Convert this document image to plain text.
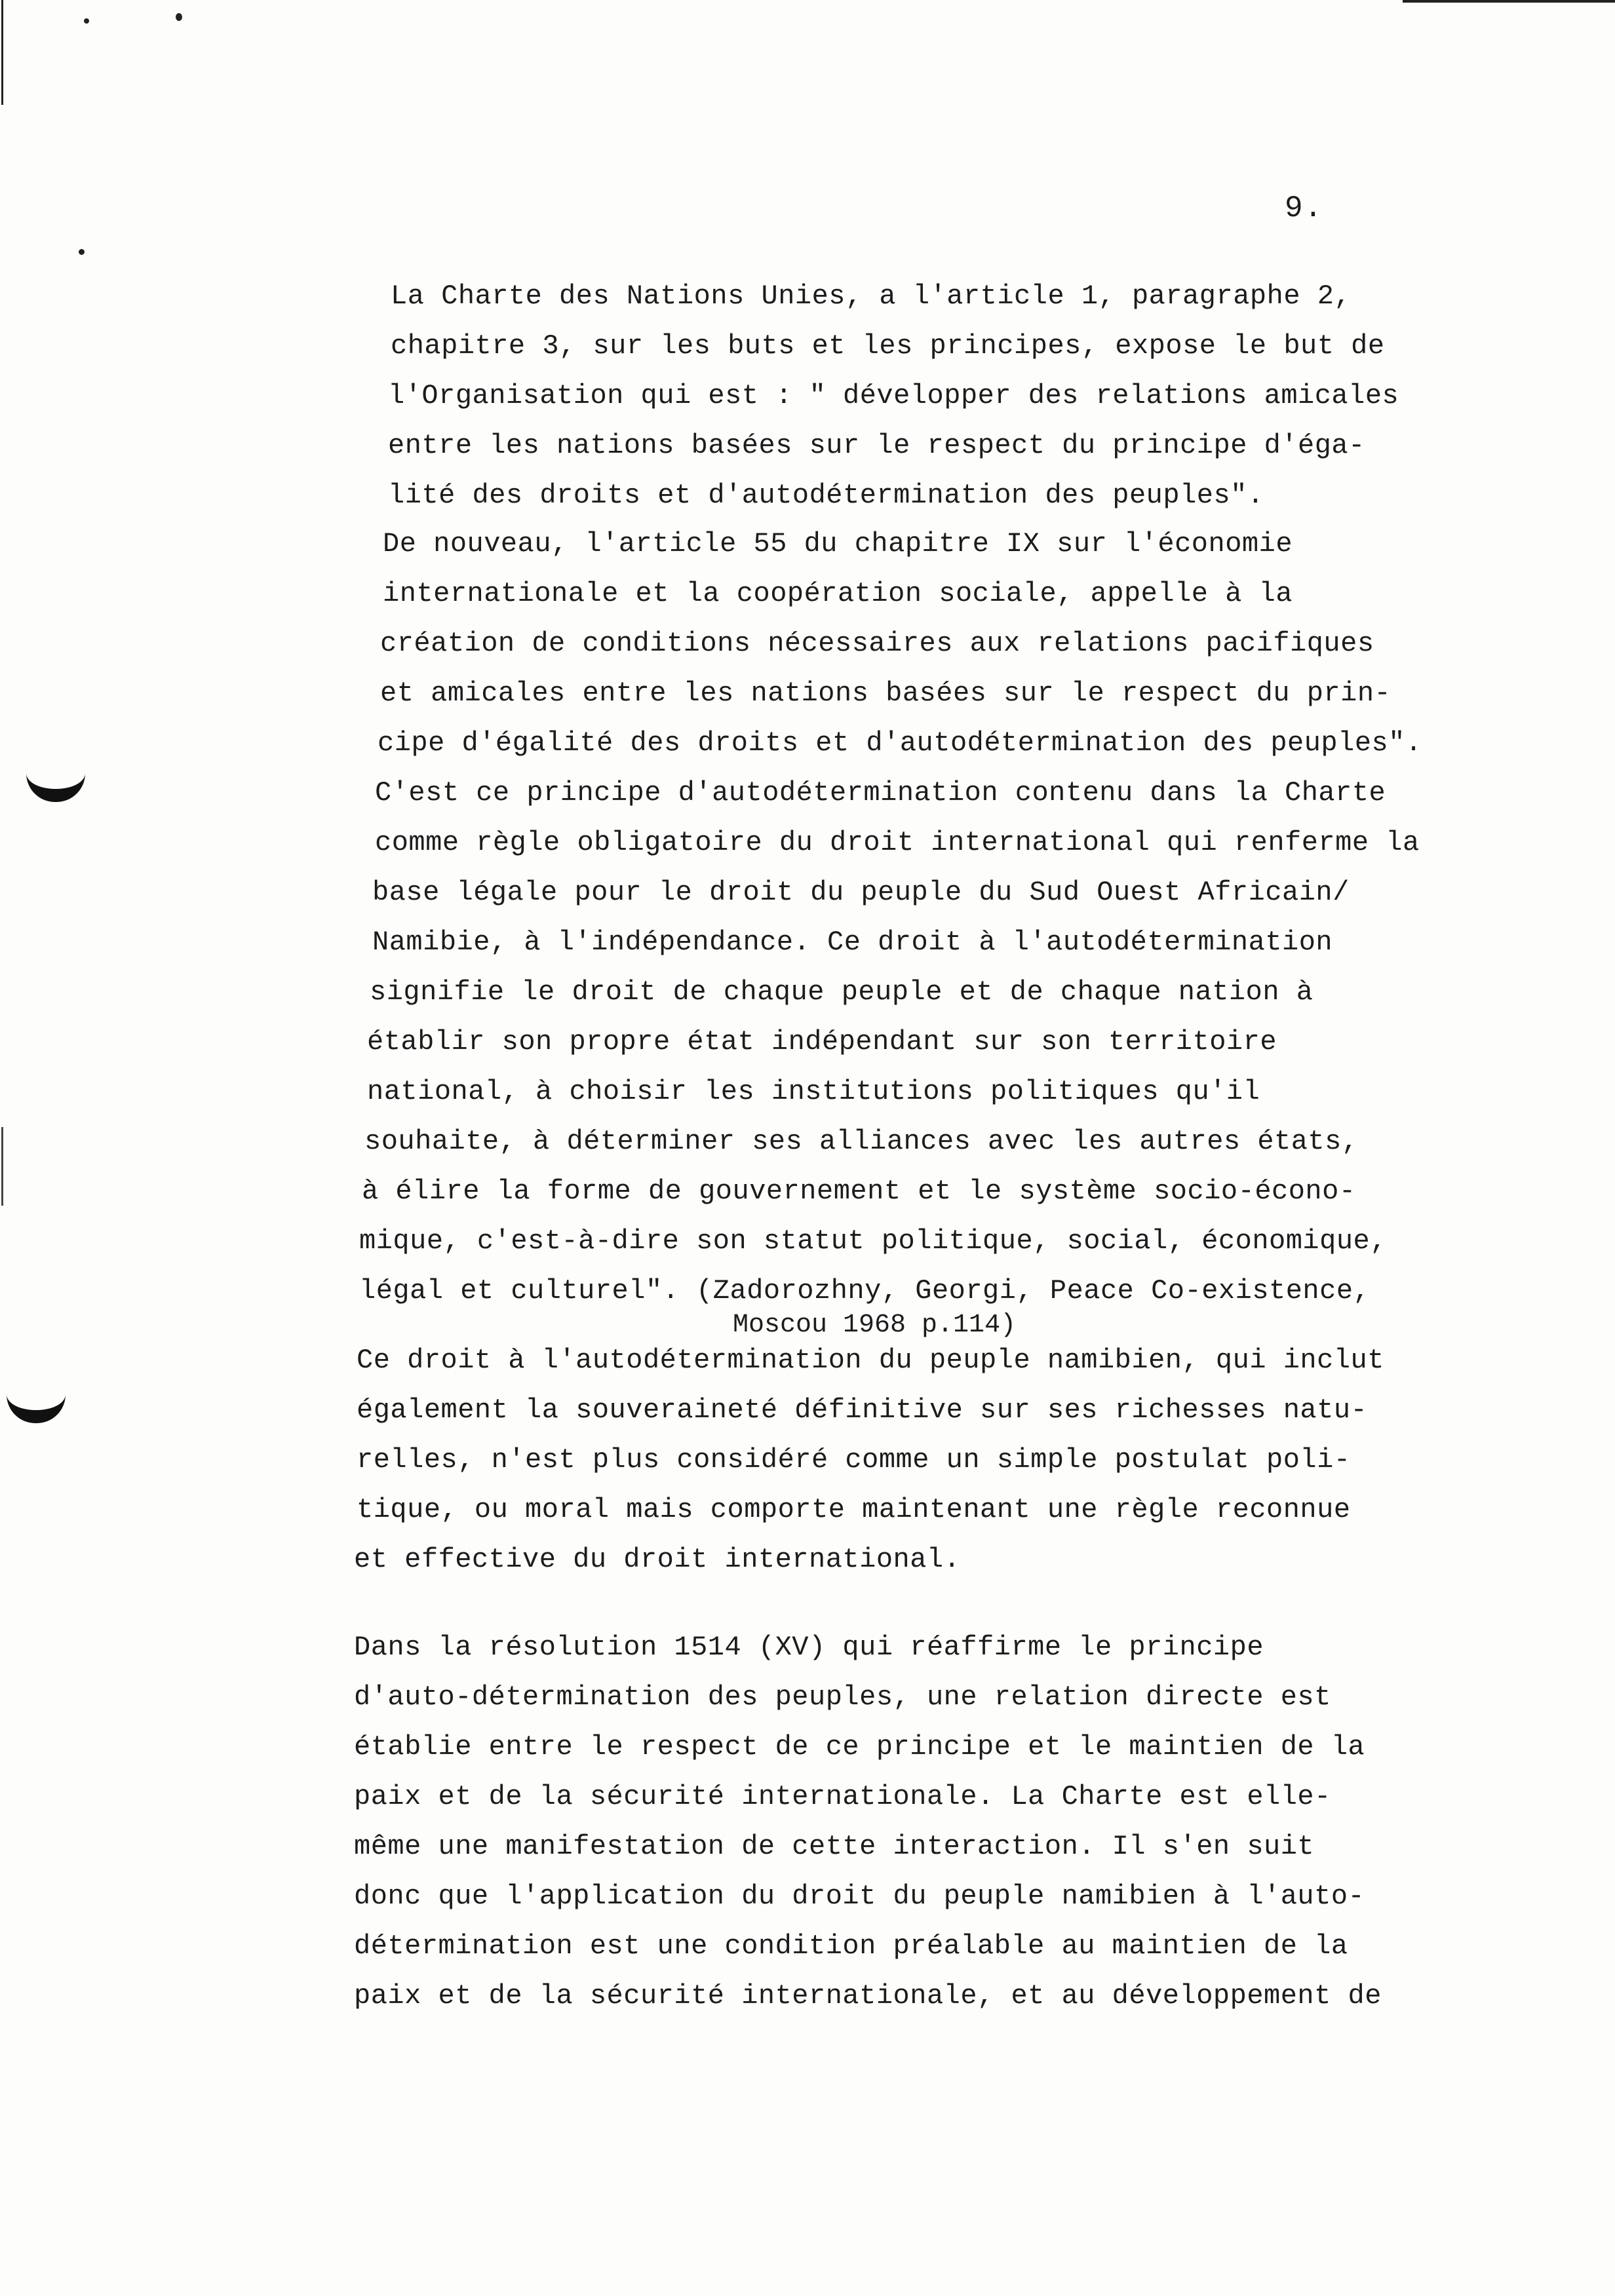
9.
La Charte des Nations Unies, a l'article 1, paragraphe 2,
chapitre 3, sur les buts et les principes, expose le but de
l'Organisation qui est : " développer des relations amicales
entre les nations basées sur le respect du principe d'éga-
lité des droits et d'autodétermination des peuples".
De nouveau, l'article 55 du chapitre IX sur l'économie
internationale et la coopération sociale, appelle à la
création de conditions nécessaires aux relations pacifiques
et amicales entre les nations basées sur le respect du prin-
cipe d'égalité des droits et d'autodétermination des peuples".
C'est ce principe d'autodétermination contenu dans la Charte
comme règle obligatoire du droit international qui renferme la
base légale pour le droit du peuple du Sud Ouest Africain/
Namibie, à l'indépendance. Ce droit à l'autodétermination
signifie le droit de chaque peuple et de chaque nation à
établir son propre état indépendant sur son territoire
national, à choisir les institutions politiques qu'il
souhaite, à déterminer ses alliances avec les autres états,
à élire la forme de gouvernement et le système socio-écono-
mique, c'est-à-dire son statut politique, social, économique,
légal et culturel". (Zadorozhny, Georgi, Peace Co-existence,
Moscou 1968 p.114)
Ce droit à l'autodétermination du peuple namibien, qui inclut
également la souveraineté définitive sur ses richesses natu-
relles, n'est plus considéré comme un simple postulat poli-
tique, ou moral mais comporte maintenant une règle reconnue
et effective du droit international.
Dans la résolution 1514 (XV) qui réaffirme le principe
d'auto-détermination des peuples, une relation directe est
établie entre le respect de ce principe et le maintien de la
paix et de la sécurité internationale. La Charte est elle-
même une manifestation de cette interaction. Il s'en suit
donc que l'application du droit du peuple namibien à l'auto-
détermination est une condition préalable au maintien de la
paix et de la sécurité internationale, et au développement de
